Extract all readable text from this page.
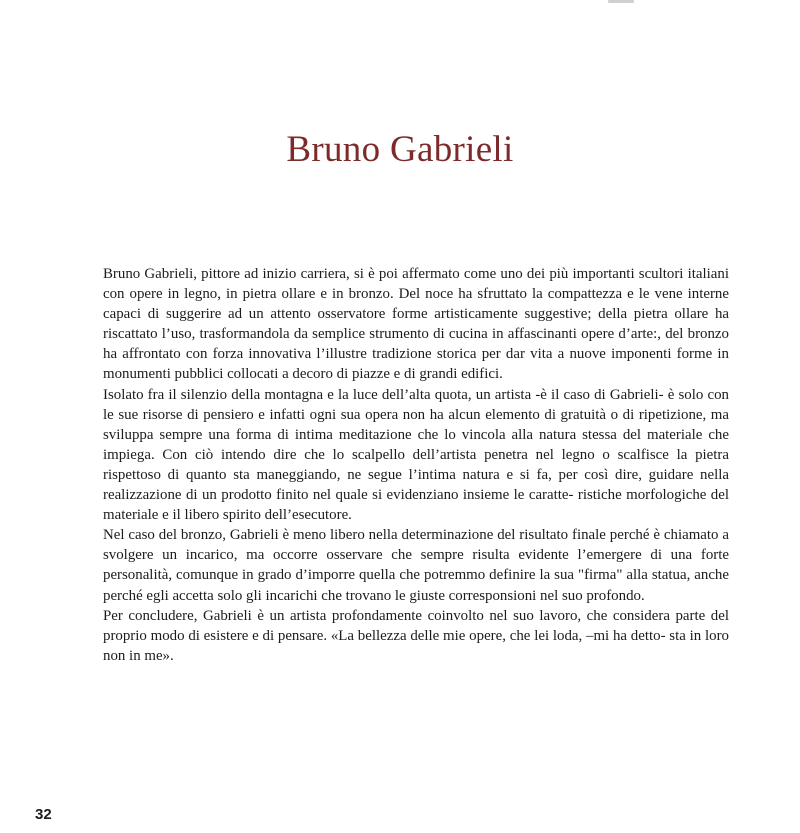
Bruno Gabrieli

Bruno Gabrieli, pittore ad inizio carriera, si è poi affermato come uno dei più importanti scultori italiani con opere in legno, in pietra ollare e in bronzo. Del noce ha sfruttato la compattezza e le vene interne capaci di suggerire ad un attento osservatore forme artisticamente suggestive; della pietra ollare ha riscattato l’uso, trasformandola da semplice strumento di cucina in affascinanti opere d’arte:, del bronzo ha affrontato con forza innovativa l’illustre tradizione storica per dar vita a nuove imponenti forme in monumenti pubblici collocati a decoro di piazze e di grandi edifici.

Isolato fra il silenzio della montagna e la luce dell’alta quota, un artista -è il caso di Gabrieli- è solo con le sue risorse di pensiero e infatti ogni sua opera non ha alcun elemento di gratuità o di ripetizione, ma sviluppa sempre una forma di intima meditazione che lo vincola alla natura stessa del materiale che impiega. Con ciò intendo dire che lo scalpello dell’artista penetra nel legno o scalfisce la pietra rispettoso di quanto sta maneggiando, ne segue l’intima natura e si fa, per così dire, guidare nella realizzazione di un prodotto finito nel quale si evidenziano insieme le caratte- ristiche morfologiche del materiale e il libero spirito dell’esecutore.

Nel caso del bronzo, Gabrieli è meno libero nella determinazione del risultato finale perché è chiamato a svolgere un incarico, ma occorre osservare che sempre risulta evidente l’emergere di una forte personalità, comunque in grado d’imporre quella che potremmo definire la sua "firma" alla statua, anche perché egli accetta solo gli incarichi che trovano le giuste corresponsioni nel suo profondo.

Per concludere, Gabrieli è un artista profondamente coinvolto nel suo lavoro, che considera parte del proprio modo di esistere e di pensare. «La bellezza delle mie opere, che lei loda, –mi ha detto- sta in loro non in me».

32
